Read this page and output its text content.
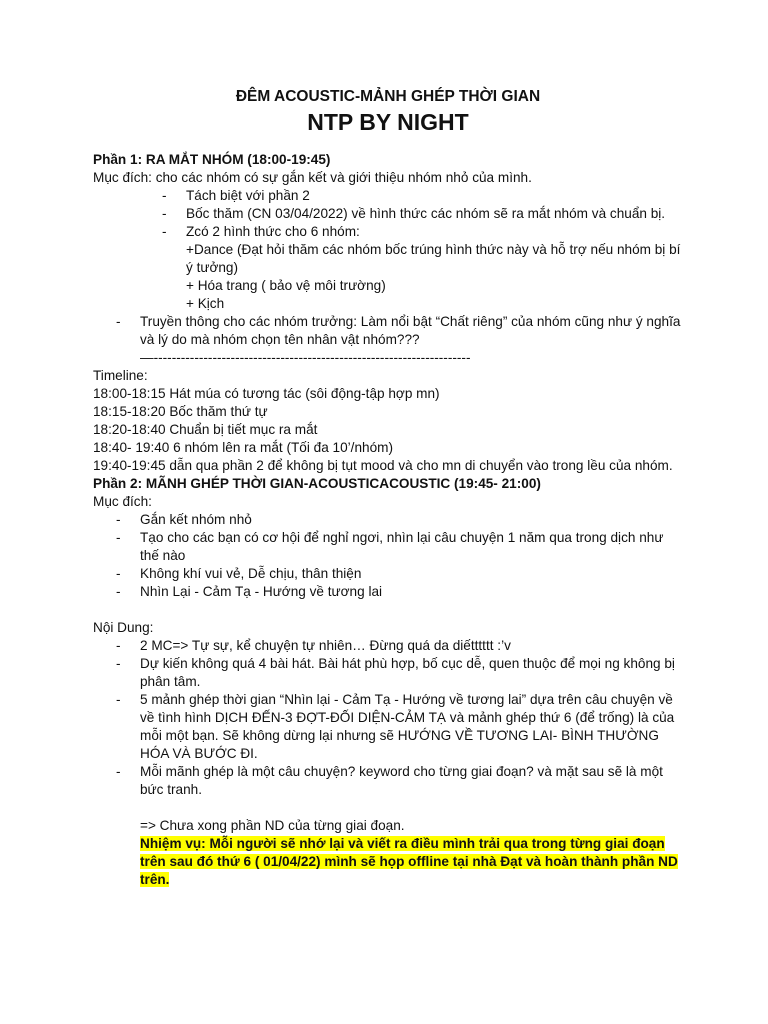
ĐÊM ACOUSTIC-MẢNH GHÉP THỜI GIAN
NTP BY NIGHT

Phần 1: RA MẮT NHÓM (18:00-19:45)

Mục đích: cho các nhóm có sự gắn kết và giới thiệu nhóm nhỏ của mình.

- Tách biệt với phần 2
- Bốc thăm (CN 03/04/2022) về hình thức các nhóm sẽ ra mắt nhóm và chuẩn bị.
- Zcó 2 hình thức cho 6 nhóm:
+Dance (Đạt hỏi thăm các nhóm bốc trúng hình thức này và hỗ trợ nếu nhóm bị bí ý tưởng)
+ Hóa trang ( bảo vệ môi trường)
+ Kịch
- Truyền thông cho các nhóm trưởng: Làm nổi bật “Chất riêng” của nhóm cũng như ý nghĩa và lý do mà nhóm chọn tên nhân vật nhóm???
—----------------------------------------------------------------------

Timeline:

18:00-18:15 Hát múa có tương tác (sôi động-tập hợp mn)

18:15-18:20 Bốc thăm thứ tự

18:20-18:40 Chuẩn bị tiết mục ra mắt

18:40- 19:40 6 nhóm lên ra mắt (Tối đa 10’/nhóm)

19:40-19:45 dẫn qua phần 2 để không bị tụt mood và cho mn di chuyển vào trong lều của nhóm.

Phần 2: MÃNH GHÉP THỜI GIAN-ACOUSTICACOUSTIC (19:45- 21:00)

Mục đích:

- Gắn kết nhóm nhỏ
- Tạo cho các bạn có cơ hội để nghỉ ngơi, nhìn lại câu chuyện 1 năm qua trong dịch như thế nào
- Không khí vui vẻ, Dễ chịu, thân thiện
- Nhìn Lại - Cảm Tạ - Hướng về tương lai

Nội Dung:

- 2 MC=> Tự sự, kể chuyện tự nhiên… Đừng quá da diếtttttt :’v
- Dự kiến không quá 4 bài hát. Bài hát phù hợp, bố cục dễ, quen thuộc để mọi ng không bị phân tâm.
- 5 mảnh ghép thời gian “Nhìn lại - Cảm Tạ - Hướng về tương lai” dựa trên câu chuyện về về tình hình DỊCH ĐẾN-3 ĐỢT-ĐỐI DIỆN-CẢM TẠ và mảnh ghép thứ 6 (để trống) là của mỗi một bạn. Sẽ không dừng lại nhưng sẽ HƯỚNG VỀ TƯƠNG LAI- BÌNH THƯỜNG HÓA VÀ BƯỚC ĐI.
- Mỗi mãnh ghép là một câu chuyện? keyword cho từng giai đoạn? và mặt sau sẽ là một bức tranh.

=> Chưa xong phần ND của từng giai đoạn.

Nhiệm vụ: Mỗi người sẽ nhớ lại và viết ra điều mình trải qua trong từng giai đoạn trên sau đó thứ 6 ( 01/04/22) mình sẽ họp offline tại nhà Đạt và hoàn thành phần ND trên.
